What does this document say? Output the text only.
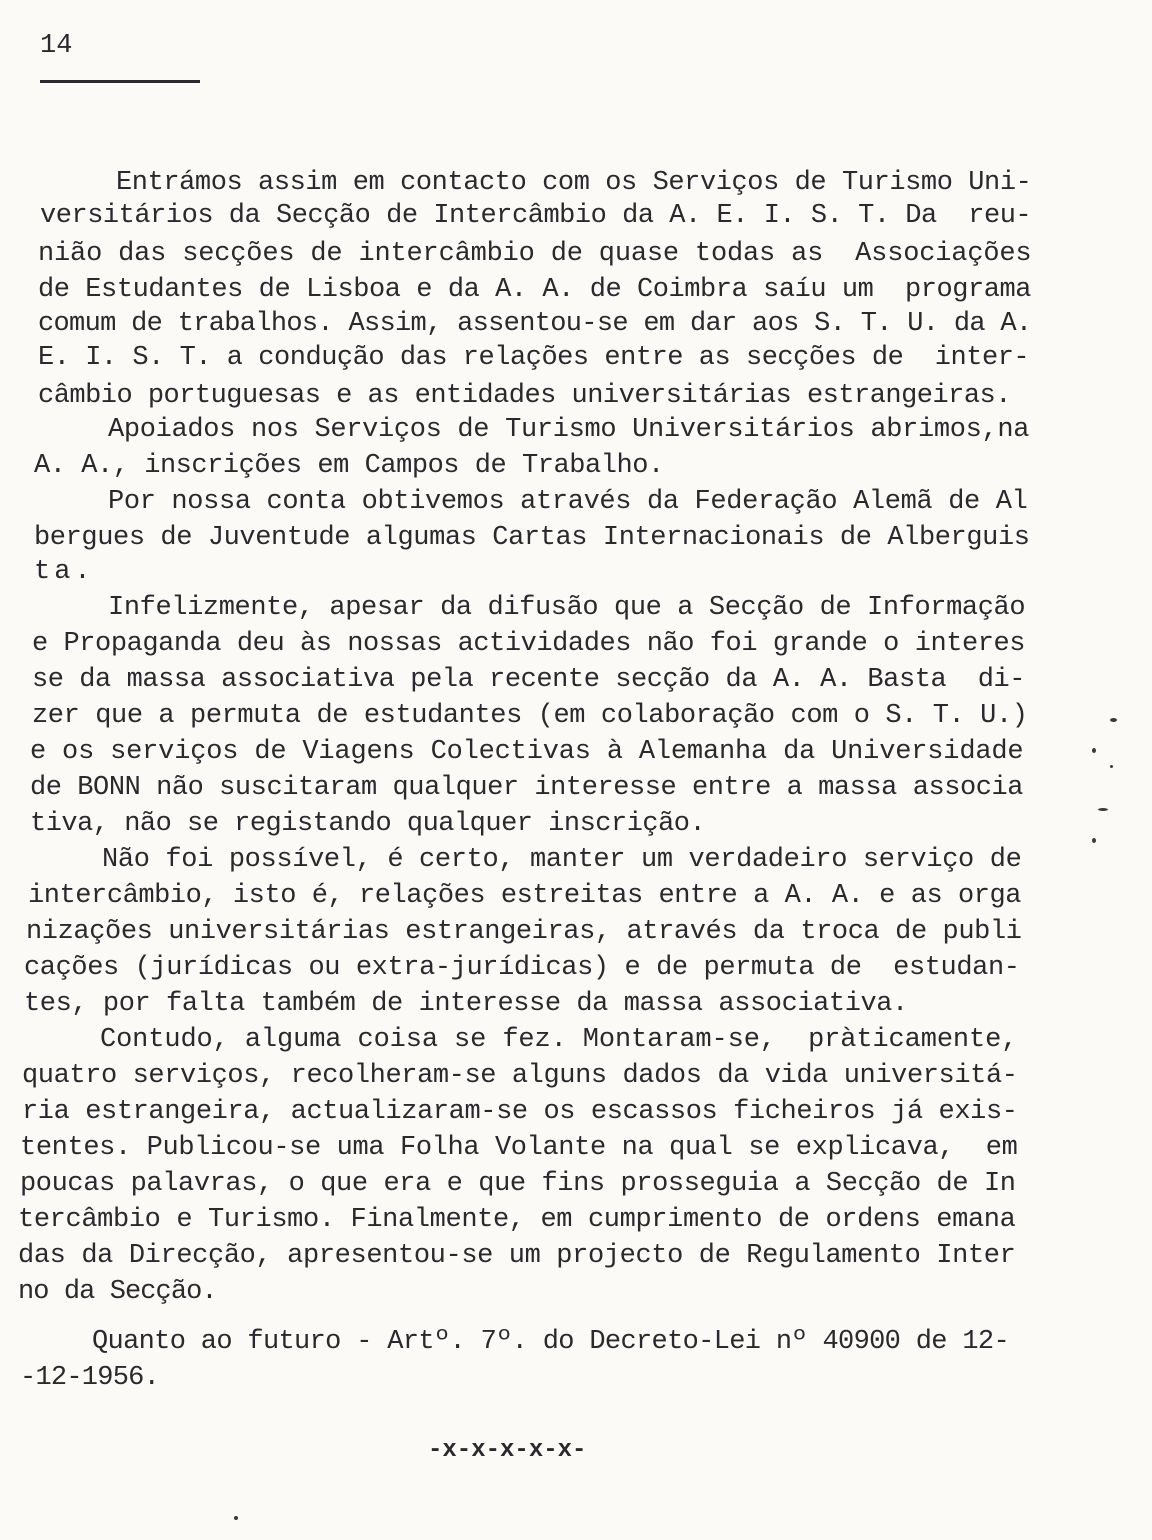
14
Entrámos assim em contacto com os Serviços de Turismo Uni-
versitários da Secção de Intercâmbio da A. E. I. S. T. Da  reu-
nião das secções de intercâmbio de quase todas as  Associações
de Estudantes de Lisboa e da A. A. de Coimbra saíu um  programa
comum de trabalhos. Assim, assentou-se em dar aos S. T. U. da A.
E. I. S. T. a condução das relações entre as secções de  inter-
câmbio portuguesas e as entidades universitárias estrangeiras.
Apoiados nos Serviços de Turismo Universitários abrimos,na
A. A., inscrições em Campos de Trabalho.
Por nossa conta obtivemos através da Federação Alemã de Al
bergues de Juventude algumas Cartas Internacionais de Alberguis
ta.
Infelizmente, apesar da difusão que a Secção de Informação
e Propaganda deu às nossas actividades não foi grande o interes
se da massa associativa pela recente secção da A. A. Basta  di-
zer que a permuta de estudantes (em colaboração com o S. T. U.)
e os serviços de Viagens Colectivas à Alemanha da Universidade
de BONN não suscitaram qualquer interesse entre a massa associa
tiva, não se registando qualquer inscrição.
Não foi possível, é certo, manter um verdadeiro serviço de
intercâmbio, isto é, relações estreitas entre a A. A. e as orga
nizações universitárias estrangeiras, através da troca de publi
cações (jurídicas ou extra-jurídicas) e de permuta de  estudan-
tes, por falta também de interesse da massa associativa.
Contudo, alguma coisa se fez. Montaram-se,  pràticamente,
quatro serviços, recolheram-se alguns dados da vida universitá-
ria estrangeira, actualizaram-se os escassos ficheiros já exis-
tentes. Publicou-se uma Folha Volante na qual se explicava,  em
poucas palavras, o que era e que fins prosseguia a Secção de In
tercâmbio e Turismo. Finalmente, em cumprimento de ordens emana
das da Direcção, apresentou-se um projecto de Regulamento Inter
no da Secção.
Quanto ao futuro - Artº. 7º. do Decreto-Lei nº 40900 de 12-
-12-1956.
-x-x-x-x-x-
